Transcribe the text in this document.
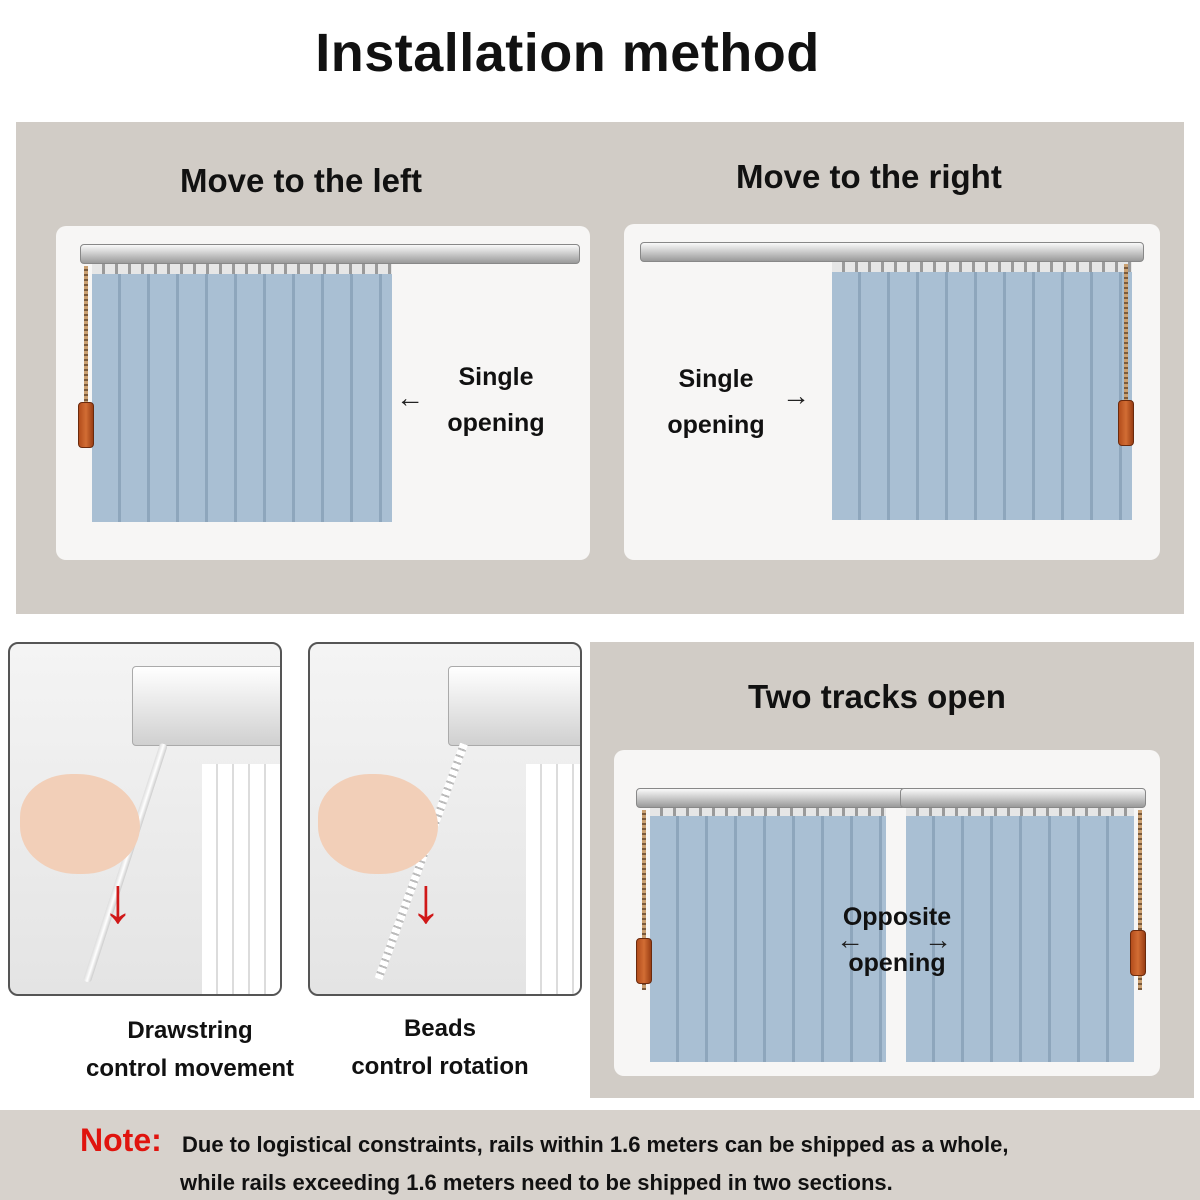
Installation method
Move to the left	Move to the right
←
Single
opening
Single
opening
→
↓	↓
Drawstring
control movement
Beads
control rotation
Two tracks open
← →
Opposite
opening
Note: Due to logistical constraints, rails within 1.6 meters can be shipped as a whole,
while rails exceeding 1.6 meters need to be shipped in two sections.
